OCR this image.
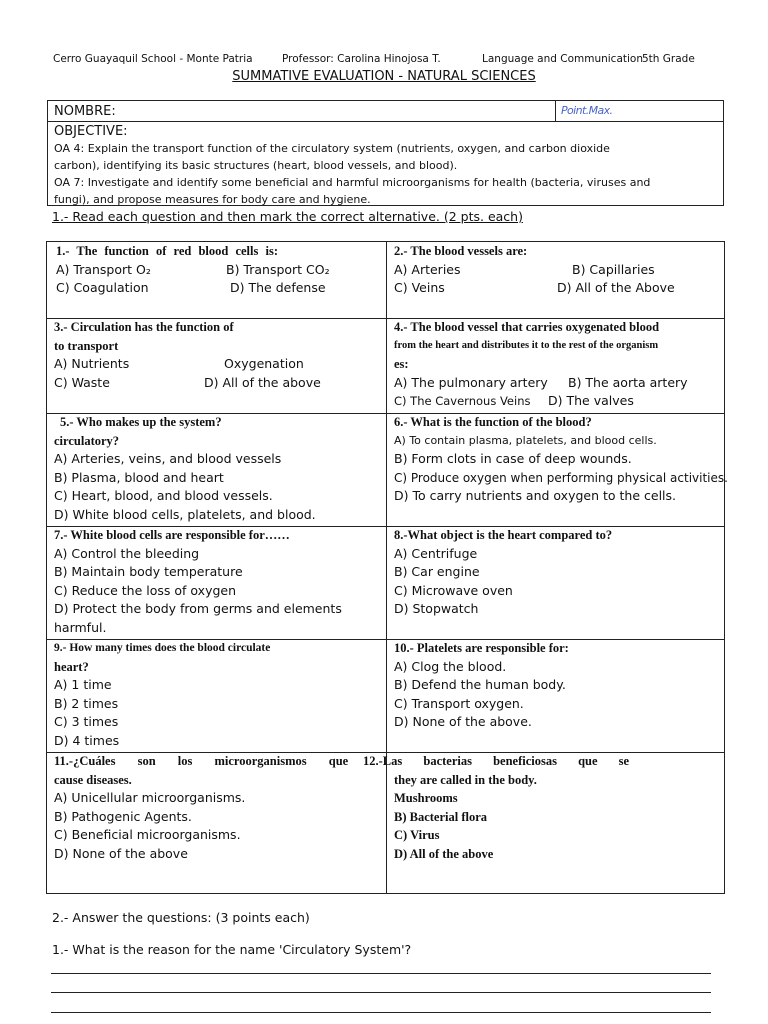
Cerro Guayaquil School - Monte Patria	Professor: Carolina Hinojosa T.	Language and Communication
5th Grade
SUMMATIVE EVALUATION - NATURAL SCIENCES
NOMBRE:	Point.Max.
OBJECTIVE:
OA 4: Explain the transport function of the circulatory system (nutrients, oxygen, and carbon dioxide
carbon), identifying its basic structures (heart, blood vessels, and blood).
OA 7: Investigate and identify some beneficial and harmful microorganisms for health (bacteria, viruses and
fungi), and propose measures for body care and hygiene.
1.- Read each question and then mark the correct alternative. (2 pts. each)
1.- The function of red blood cells is:
A) Transport O₂	B) Transport CO₂
C) Coagulation	D) The defense
2.- The blood vessels are:
A) Arteries	B) Capillaries
C) Veins	D) All of the Above
3.- Circulation has the function of
to transport
A) Nutrients	Oxygenation
C) Waste	D) All of the above
4.- The blood vessel that carries oxygenated blood
from the heart and distributes it to the rest of the organism
es:
A) The pulmonary artery	B) The aorta artery
C) The Cavernous Veins	D) The valves
5.- Who makes up the system?
circulatory?
A) Arteries, veins, and blood vessels
B) Plasma, blood and heart
C) Heart, blood, and blood vessels.
D) White blood cells, platelets, and blood.
6.- What is the function of the blood?
A) To contain plasma, platelets, and blood cells.
B) Form clots in case of deep wounds.
C) Produce oxygen when performing physical activities.
D) To carry nutrients and oxygen to the cells.
7.- White blood cells are responsible for……
A) Control the bleeding
B) Maintain body temperature
C) Reduce the loss of oxygen
D) Protect the body from germs and elements
harmful.
8.-What object is the heart compared to?
A) Centrifuge
B) Car engine
C) Microwave oven
D) Stopwatch
9.- How many times does the blood circulate
heart?
A) 1 time
B) 2 times
C) 3 times
D) 4 times
10.- Platelets are responsible for:
A) Clog the blood.
B) Defend the human body.
C) Transport oxygen.
D) None of the above.
11.-¿Cuáles son los microorganismos que
cause diseases.
A) Unicellular microorganisms.
B) Pathogenic Agents.
C) Beneficial microorganisms.
D) None of the above
12.-Las bacterias beneficiosas que se
they are called in the body.
Mushrooms
B) Bacterial flora
C) Virus
D) All of the above
2.- Answer the questions: (3 points each)
1.- What is the reason for the name 'Circulatory System'?
